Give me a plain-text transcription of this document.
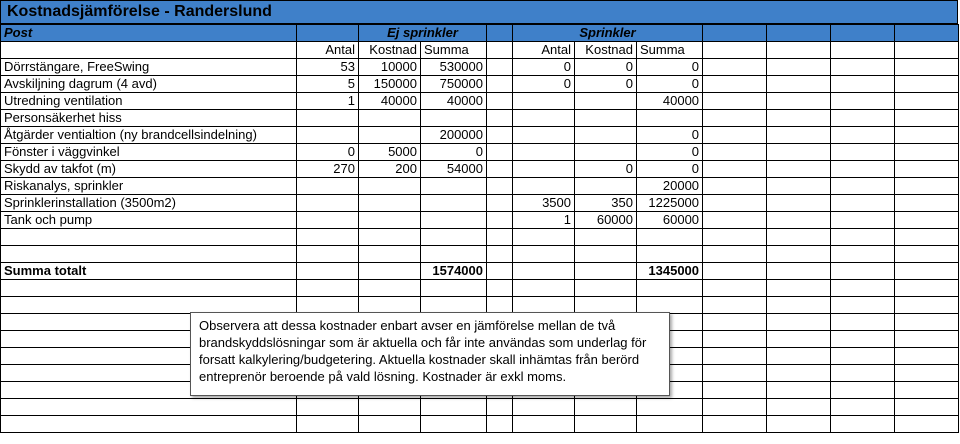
Kostnadsjämförelse - Randerslund
Post		Ej sprinkler			Sprinkler						
	Antal	Kostnad	Summa		Antal	Kostnad	Summa				
Dörrstängare, FreeSwing	53	10000	530000		0	0	0				
Avskiljning dagrum (4 avd)	5	150000	750000		0	0	0				
Utredning ventilation	1	40000	40000				40000				
Personsäkerhet hiss											
Åtgärder ventialtion (ny brandcellsindelning)			200000				0				
Fönster i väggvinkel	0	5000	0				0				
Skydd av takfot (m)	270	200	54000			0	0				
Riskanalys, sprinkler							20000				
Sprinklerinstallation (3500m2)					3500	350	1225000				
Tank och pump					1	60000	60000				

Summa totalt			1574000				1345000				

Observera att dessa kostnader enbart avser en jämförelse mellan de två brandskyddslösningar som är aktuella och får inte användas som underlag för forsatt kalkylering/budgetering. Aktuella kostnader skall inhämtas från berörd entreprenör beroende på vald lösning. Kostnader är exkl moms.
